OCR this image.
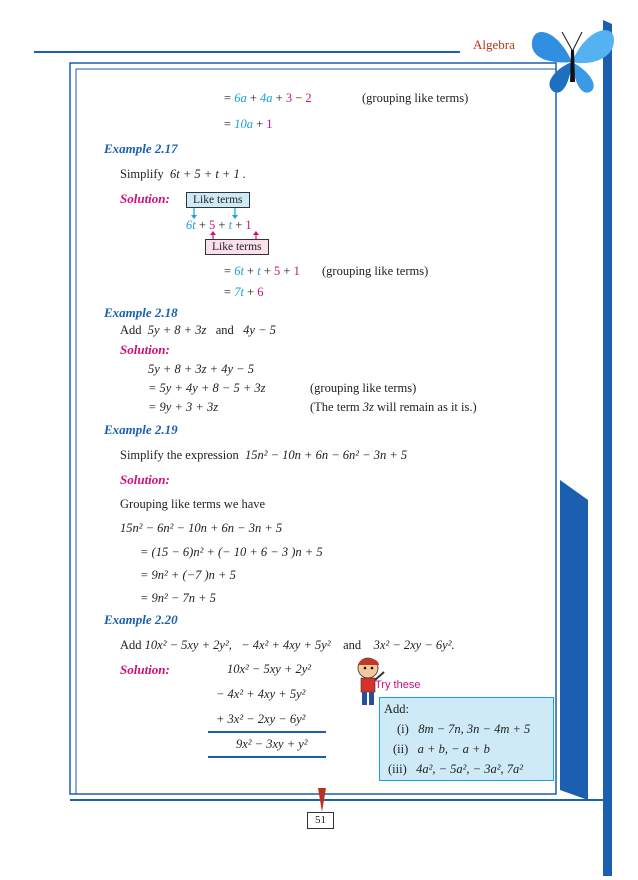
Algebra
= 6a + 4a + 3 − 2	(grouping like terms)
= 10a + 1
Example 2.17
Simplify 6t + 5 + t + 1 .
Solution:	Like terms
6t + 5 + t + 1
Like terms
= 6t + t + 5 + 1 (grouping like terms)
= 7t + 6
Example 2.18
Add 5y + 8 + 3z and 4y − 5
Solution:
5y + 8 + 3z + 4y − 5
= 5y + 4y + 8 − 5 + 3z	(grouping like terms)
= 9y + 3 + 3z	(The term 3z will remain as it is.)
Example 2.19
Simplify the expression 15n² − 10n + 6n − 6n² − 3n + 5
Solution:
Grouping like terms we have
15n² − 6n² − 10n + 6n − 3n + 5
= (15 − 6)n² + (− 10 + 6 − 3 )n + 5
= 9n² + (−7 )n + 5
= 9n² − 7n + 5
Example 2.20
Add 10x² − 5xy + 2y², − 4x² + 4xy + 5y² and 3x² − 2xy − 6y².
Solution:	10x² − 5xy + 2y²
− 4x² + 4xy + 5y²
+ 3x² − 2xy − 6y²
9x² − 3xy + y²
Try these
Add:
(i) 8m − 7n, 3n − 4m + 5
(ii) a + b, − a + b
(iii) 4a², − 5a², − 3a², 7a²
51
